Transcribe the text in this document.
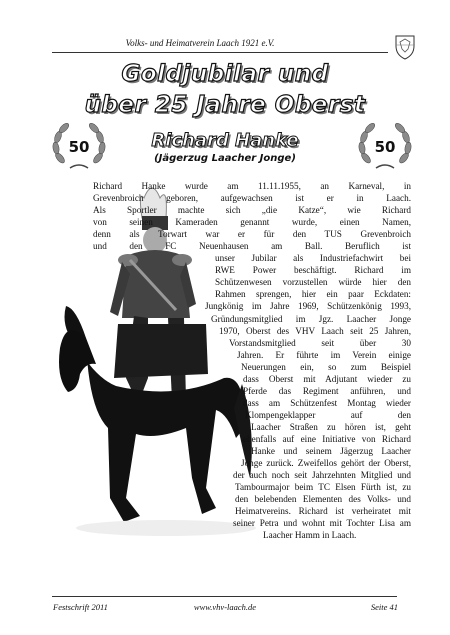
Volks- und Heimatverein Laach 1921 e.V.
Goldjubilar und
über 25 Jahre Oberst
50	50
Richard Hanke
(Jägerzug Laacher Jonge)
Richard Hanke wurde am 11.11.1955, an Karneval, in
Grevenbroich geboren, aufgewachsen ist er in Laach.
Als Sportler machte sich „die Katze“, wie Richard
von seinen Kameraden genannt wurde, einen Namen,
denn als Torwart war er für den TUS Grevenbroich
und den FC Neuenhausen am Ball. Beruflich ist
unser Jubilar als Industriefachwirt bei
RWE Power beschäftigt. Richard im
Schützenwesen vorzustellen würde hier den
Rahmen sprengen, hier ein paar Eckdaten:
Jungkönig im Jahre 1969, Schützenkönig 1993,
Gründungsmitglied im Jgz. Laacher Jonge
1970, Oberst des VHV Laach seit 25 Jahren,
Vorstandsmitglied seit über 30
Jahren. Er führte im Verein einige
Neuerungen ein, so zum Beispiel
dass Oberst mit Adjutant wieder zu
Pferde das Regiment anführen, und
dass am Schützenfest Montag wieder
Klompengeklapper auf den
Laacher Straßen zu hören ist, geht
ebenfalls auf eine Initiative von Richard
Hanke und seinem Jägerzug Laacher
Jonge zurück. Zweifellos gehört der Oberst,
der auch noch seit Jahrzehnten Mitglied und
Tambourmajor beim TC Elsen Fürth ist, zu
den belebenden Elementen des Volks- und
Heimatvereins. Richard ist verheiratet mit
seiner Petra und wohnt mit Tochter Lisa am
Laacher Hamm in Laach.
Festschrift 2011	www.vhv-laach.de	Seite 41
